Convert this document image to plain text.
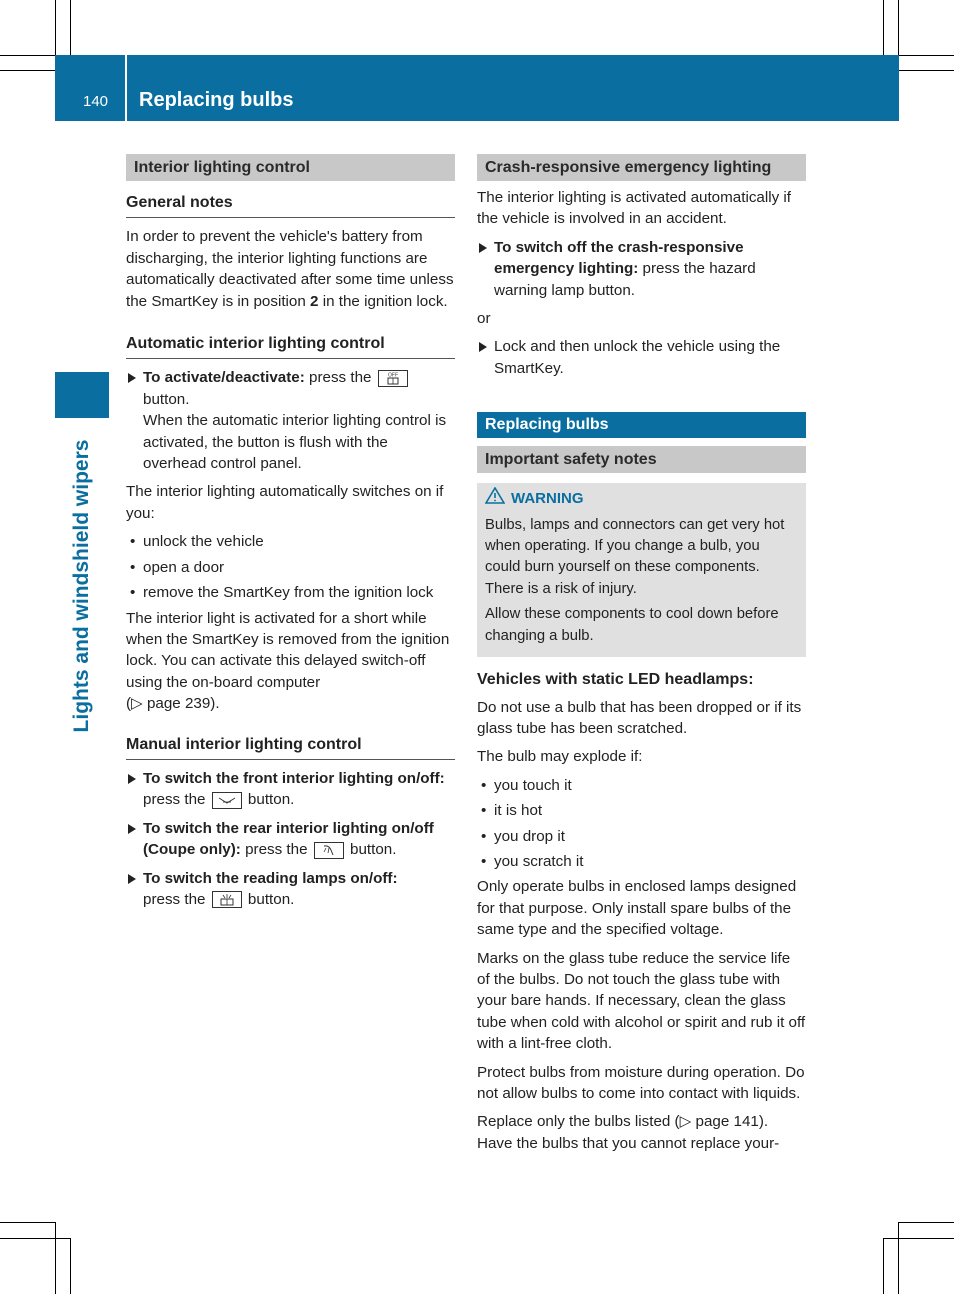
140 Replacing bulbs
Lights and windshield wipers
Interior lighting control
General notes

In order to prevent the vehicle's battery from discharging, the interior lighting functions are automatically deactivated after some time unless the SmartKey is in position 2 in the ignition lock.

Automatic interior lighting control
To activate/deactivate: press the OFF

button.
When the automatic interior lighting control is activated, the button is flush with the overhead control panel.

The interior lighting automatically switches on if you:

• unlock the vehicle
• open a door
• remove the SmartKey from the ignition lock

The interior light is activated for a short while when the SmartKey is removed from the ignition lock. You can activate this delayed switch-off using the on-board computer
(▷ page 239).

Manual interior lighting control
To switch the front interior lighting on/off: press the  button.
To switch the rear interior lighting on/off (Coupe only): press the  button.
To switch the reading lamps on/off:
press the  button.
Crash-responsive emergency lighting

The interior lighting is activated automatically if the vehicle is involved in an accident.

To switch off the crash-responsive emergency lighting: press the hazard warning lamp button.

or

Lock and then unlock the vehicle using the SmartKey.
Replacing bulbs
Important safety notes
WARNING

Bulbs, lamps and connectors can get very hot when operating. If you change a bulb, you could burn yourself on these components. There is a risk of injury.

Allow these components to cool down before changing a bulb.

Vehicles with static LED headlamps:

Do not use a bulb that has been dropped or if its glass tube has been scratched.

The bulb may explode if:

• you touch it
• it is hot
• you drop it
• you scratch it

Only operate bulbs in enclosed lamps designed for that purpose. Only install spare bulbs of the same type and the specified voltage.

Marks on the glass tube reduce the service life of the bulbs. Do not touch the glass tube with your bare hands. If necessary, clean the glass tube when cold with alcohol or spirit and rub it off with a lint-free cloth.

Protect bulbs from moisture during operation. Do not allow bulbs to come into contact with liquids.

Replace only the bulbs listed (▷ page 141). Have the bulbs that you cannot replace your-
